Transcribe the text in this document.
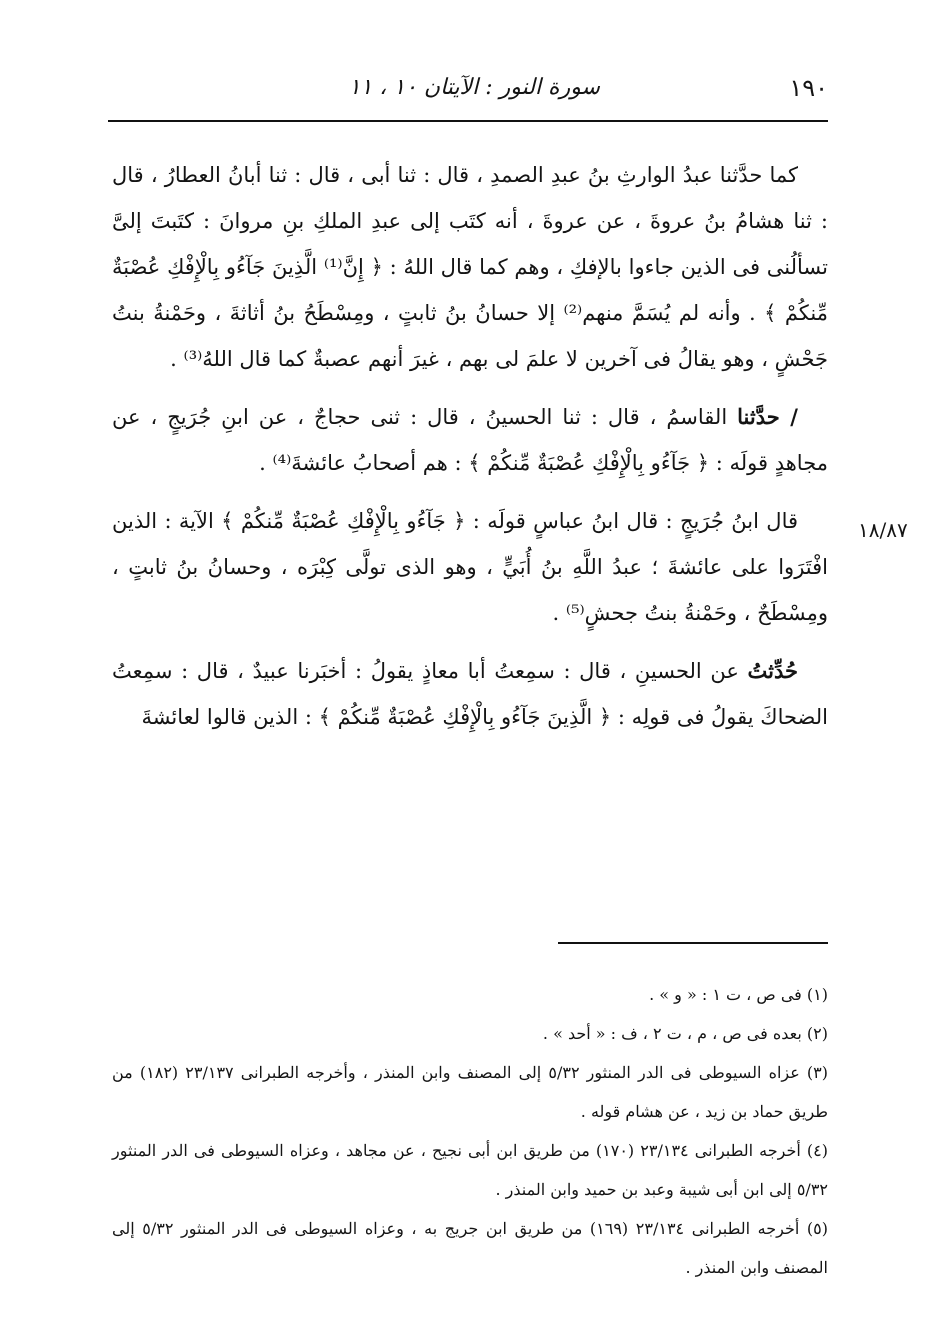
١٩٠
سورة النور : الآيتان ١٠ ، ١١
١٨/٨٧

كما حدَّثنا عبدُ الوارثِ بنُ عبدِ الصمدِ ، قال : ثنا أبى ، قال : ثنا أبانُ العطارُ ، قال : ثنا هشامُ بنُ عروةَ ، عن عروةَ ، أنه كتَب إلى عبدِ الملكِ بنِ مروانَ : كتَبتَ إلىَّ تسألُنى فى الذين جاءوا بالإفكِ ، وهم كما قال اللهُ : ﴿ إِنَّ⁽¹⁾ الَّذِينَ جَآءُو بِالْإِفْكِ عُصْبَةٌ مِّنكُمْ ﴾ . وأنه لم يُسَمَّ منهم⁽²⁾ إلا حسانُ بنُ ثابتٍ ، ومِسْطَحُ بنُ أثاثةَ ، وحَمْنةُ بنتُ جَحْشٍ ، وهو يقالُ فى آخرين لا علمَ لى بهم ، غيرَ أنهم عصبةٌ كما قال اللهُ⁽³⁾ .

/ حدَّثنا القاسمُ ، قال : ثنا الحسينُ ، قال : ثنى حجاجٌ ، عن ابنِ جُرَيجٍ ، عن مجاهدٍ قولَه : ﴿ جَآءُو بِالْإِفْكِ عُصْبَةٌ مِّنكُمْ ﴾ : هم أصحابُ عائشةَ⁽⁴⁾ .

قال ابنُ جُرَيجٍ : قال ابنُ عباسٍ قولَه : ﴿ جَآءُو بِالْإِفْكِ عُصْبَةٌ مِّنكُمْ ﴾ الآية : الذين افْتَرَوا على عائشةَ ؛ عبدُ اللَّهِ بنُ أُبَيٍّ ، وهو الذى تولَّى كِبْرَه ، وحسانُ بنُ ثابتٍ ، ومِسْطَحٌ ، وحَمْنةُ بنتُ جحشٍ⁽⁵⁾ .

حُدِّثتُ عن الحسينِ ، قال : سمِعتُ أبا معاذٍ يقولُ : أخبَرنا عبيدٌ ، قال : سمِعتُ الضحاكَ يقولُ فى قولِه : ﴿ الَّذِينَ جَآءُو بِالْإِفْكِ عُصْبَةٌ مِّنكُمْ ﴾ : الذين قالوا لعائشةَ

(١) فى ص ، ت ١ : « و » .

(٢) بعده فى ص ، م ، ت ٢ ، ف : « أحد » .

(٣) عزاه السيوطى فى الدر المنثور ٥/٣٢ إلى المصنف وابن المنذر ، وأخرجه الطبرانى ٢٣/١٣٧ (١٨٢) من طريق حماد بن زيد ، عن هشام قوله .

(٤) أخرجه الطبرانى ٢٣/١٣٤ (١٧٠) من طريق ابن أبى نجيح ، عن مجاهد ، وعزاه السيوطى فى الدر المنثور ٥/٣٢ إلى ابن أبى شيبة وعبد بن حميد وابن المنذر .

(٥) أخرجه الطبرانى ٢٣/١٣٤ (١٦٩) من طريق ابن جريج به ، وعزاه السيوطى فى الدر المنثور ٥/٣٢ إلى المصنف وابن المنذر .
